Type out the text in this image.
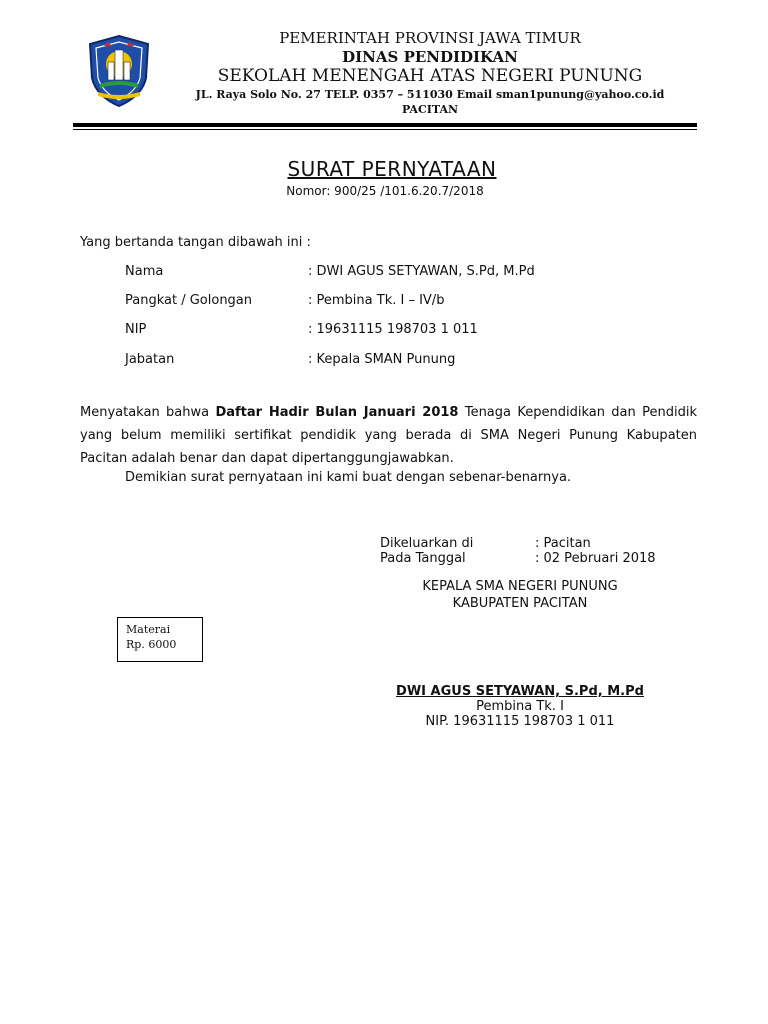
PEMERINTAH PROVINSI JAWA TIMUR
DINAS PENDIDIKAN
SEKOLAH MENENGAH ATAS NEGERI PUNUNG
JL. Raya Solo No. 27 TELP. 0357 – 511030 Email sman1punung@yahoo.co.id
PACITAN
SURAT PERNYATAAN
Nomor: 900/25 /101.6.20.7/2018
Yang bertanda tangan dibawah ini :
Nama	: DWI AGUS SETYAWAN, S.Pd, M.Pd
Pangkat / Golongan	: Pembina Tk. I – IV/b
NIP	: 19631115 198703 1 011
Jabatan	: Kepala SMAN Punung
Menyatakan bahwa Daftar Hadir Bulan Januari 2018 Tenaga Kependidikan dan Pendidik yang belum memiliki sertifikat pendidik yang berada di SMA Negeri Punung Kabupaten Pacitan adalah benar dan dapat dipertanggungjawabkan.
Demikian surat pernyataan ini kami buat dengan sebenar-benarnya.
Dikeluarkan di	: Pacitan
Pada Tanggal	: 02 Pebruari 2018
KEPALA SMA NEGERI PUNUNG
KABUPATEN PACITAN
Materai
Rp. 6000
DWI AGUS SETYAWAN, S.Pd, M.Pd
Pembina Tk. I
NIP. 19631115 198703 1 011
